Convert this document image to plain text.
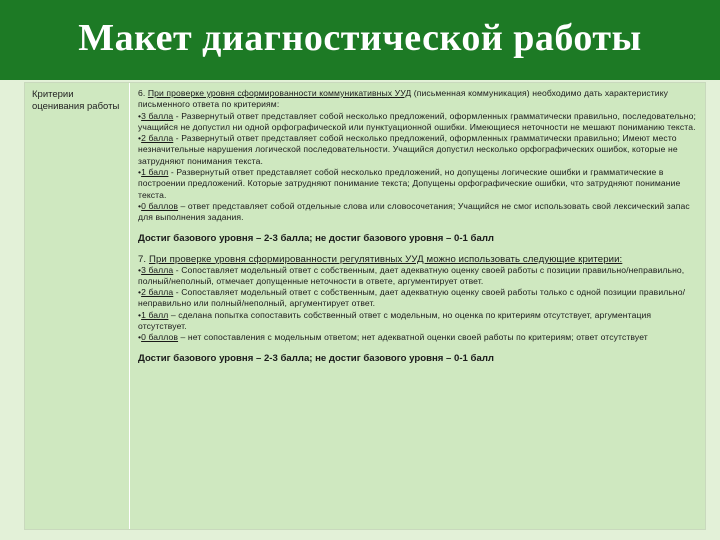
Макет диагностической работы
Критерии оценивания работы

6. При проверке уровня сформированности коммуникативных УУД (письменная коммуникация) необходимо дать характеристику письменного ответа по критериям:

•3 балла - Развернутый ответ представляет собой несколько предложений, оформленных грамматически правильно, последовательно; учащийся не допустил ни одной орфографической или пунктуационной ошибки. Имеющиеся неточности не мешают пониманию текста.

•2 балла - Развернутый ответ представляет собой несколько предложений, оформленных грамматически правильно; Имеют место незначительные нарушения логической последовательности. Учащийся допустил несколько орфографических ошибок, которые не затрудняют понимания текста.

•1 балл - Развернутый ответ представляет собой несколько предложений, но допущены логические ошибки и грамматические в построении предложений. Которые затрудняют понимание текста; Допущены орфографические ошибки, что затрудняют понимание текста.

•0 баллов – ответ представляет собой отдельные слова или словосочетания; Учащийся не смог использовать свой лексический запас для выполнения задания.

Достиг базового уровня – 2-3 балла; не достиг базового уровня – 0-1 балл

7. При проверке уровня сформированности регулятивных УУД можно использовать следующие критерии:

•3 балла - Сопоставляет модельный ответ с собственным, дает адекватную оценку своей работы с позиции правильно/неправильно, полный/неполный, отмечает допущенные неточности в ответе, аргументирует ответ.

•2 балла - Сопоставляет модельный ответ с собственным, дает адекватную оценку своей работы только с одной позиции правильно/неправильно или полный/неполный, аргументирует ответ.

•1 балл – сделана попытка сопоставить собственный ответ с модельным, но оценка по критериям отсутствует, аргументация отсутствует.

•0 баллов – нет сопоставления с модельным ответом; нет адекватной оценки своей работы по критериям; ответ отсутствует

Достиг базового уровня – 2-3 балла; не достиг базового уровня – 0-1 балл
